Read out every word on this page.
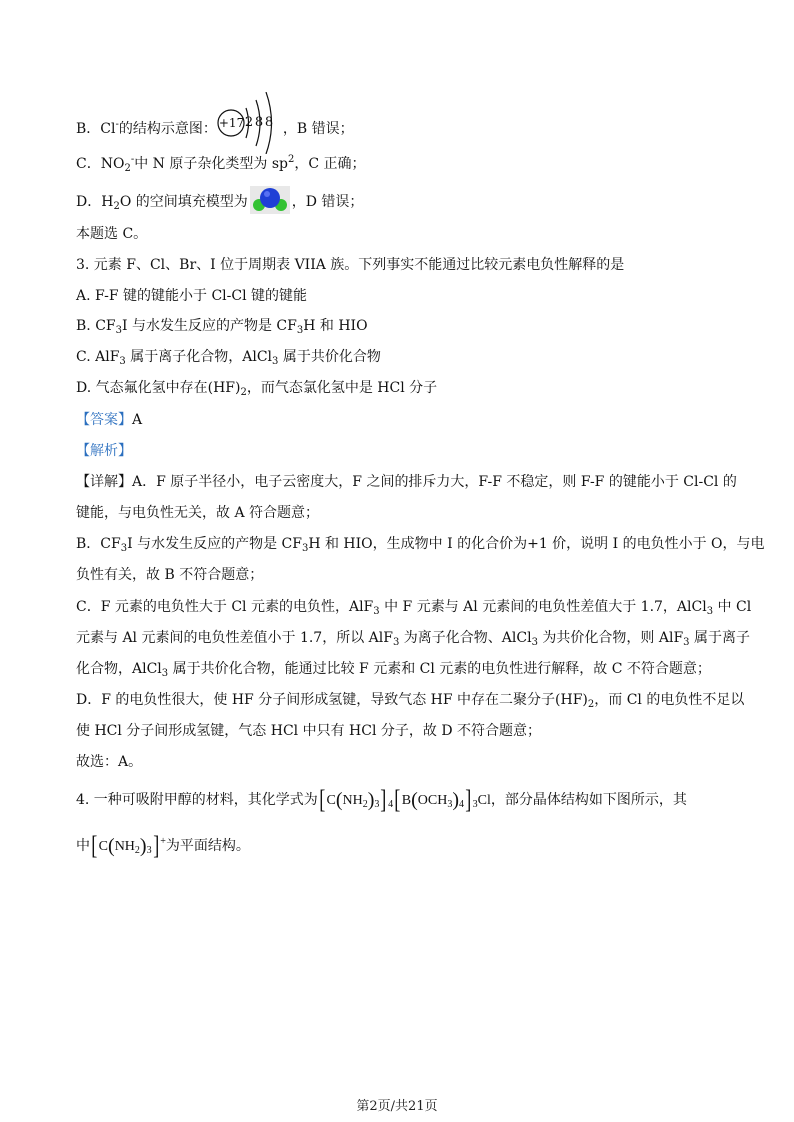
B．Cl-的结构示意图： +17 2 8 8 ，B 错误；
C．$NO_2^-$中 N 原子杂化类型为 $sp^2$，C 正确；
D．$H_2O$ 的空间填充模型为	，D 错误；
本题选 C。
3. 元素 F、Cl、Br、I 位于周期表 VIIA 族。下列事实不能通过比较元素电负性解释的是
A. F-F 键的键能小于 Cl-Cl 键的键能
B. $CF_3I$ 与水发生反应的产物是 $CF_3H$ 和 HIO
C. AlF$_3$ 属于离子化合物，AlCl$_3$ 属于共价化合物
D. 气态氟化氢中存在$(HF)_2$，而气态氯化氢中是 HCl 分子
【答案】A
【解析】
【详解】A．F 原子半径小，电子云密度大，F 之间的排斥力大，F-F 不稳定，则 F-F 的键能小于 Cl-Cl 的
键能，与电负性无关，故 A 符合题意；
B．$CF_3I$ 与水发生反应的产物是 $CF_3H$ 和 HIO，生成物中 I 的化合价为+1 价，说明 I 的电负性小于 O，与电
负性有关，故 B 不符合题意；
C．F 元素的电负性大于 Cl 元素的电负性，AlF$_3$ 中 F 元素与 Al 元素间的电负性差值大于 1.7，AlCl$_3$ 中 Cl
元素与 Al 元素间的电负性差值小于 1.7，所以 AlF$_3$ 为离子化合物、AlCl$_3$ 为共价化合物，则 AlF$_3$ 属于离子
化合物，AlCl$_3$ 属于共价化合物，能通过比较 F 元素和 Cl 元素的电负性进行解释，故 C 不符合题意；
D．F 的电负性很大，使 HF 分子间形成氢键，导致气态 HF 中存在二聚分子$(HF)_2$，而 Cl 的电负性不足以
使 HCl 分子间形成氢键，气态 HCl 中只有 HCl 分子，故 D 不符合题意；
故选：A。
4. 一种可吸附甲醇的材料，其化学式为$[C(NH_2)_3]_4[B(OCH_3)_4]_3Cl$，部分晶体结构如下图所示，其
中$[C(NH_2)_3]^+$为平面结构。
第2页/共21页
